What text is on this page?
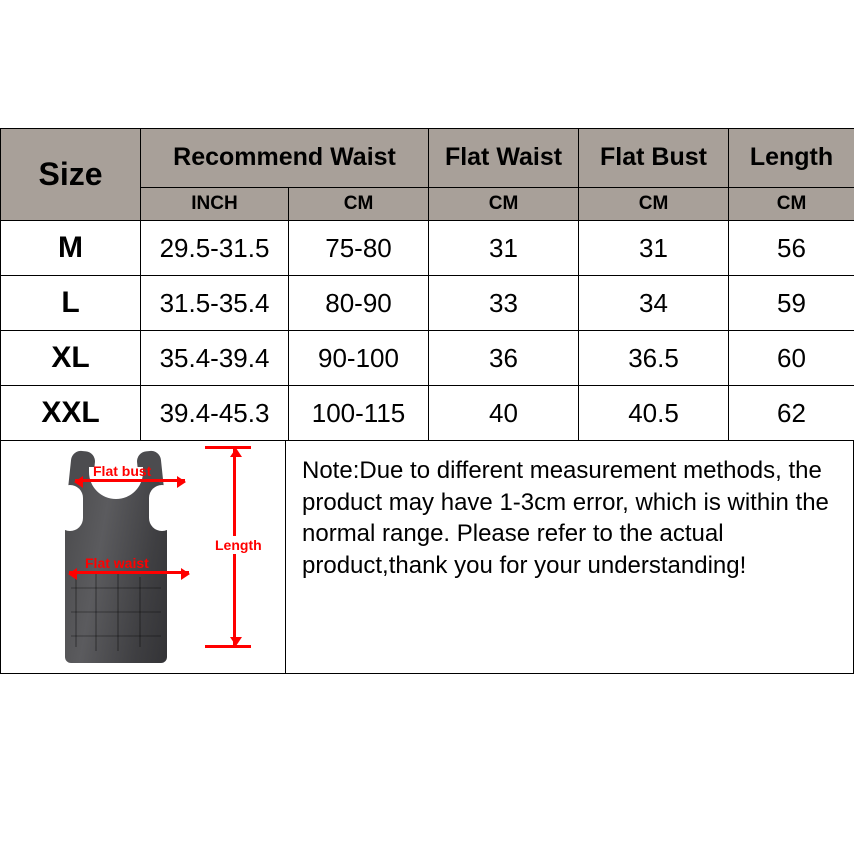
Size	Recommend Waist		Flat Waist	Flat Bust	Length
	INCH	CM	CM	CM	CM
M	29.5-31.5	75-80	31	31	56
L	31.5-35.4	80-90	33	34	59
XL	35.4-39.4	90-100	36	36.5	60
XXL	39.4-45.3	100-115	40	40.5	62
Flat bust
Flat waist
Length
Note:Due to different measurement methods, the product may have 1-3cm error, which is within the normal range. Please refer to the actual product,thank you for your understanding!
